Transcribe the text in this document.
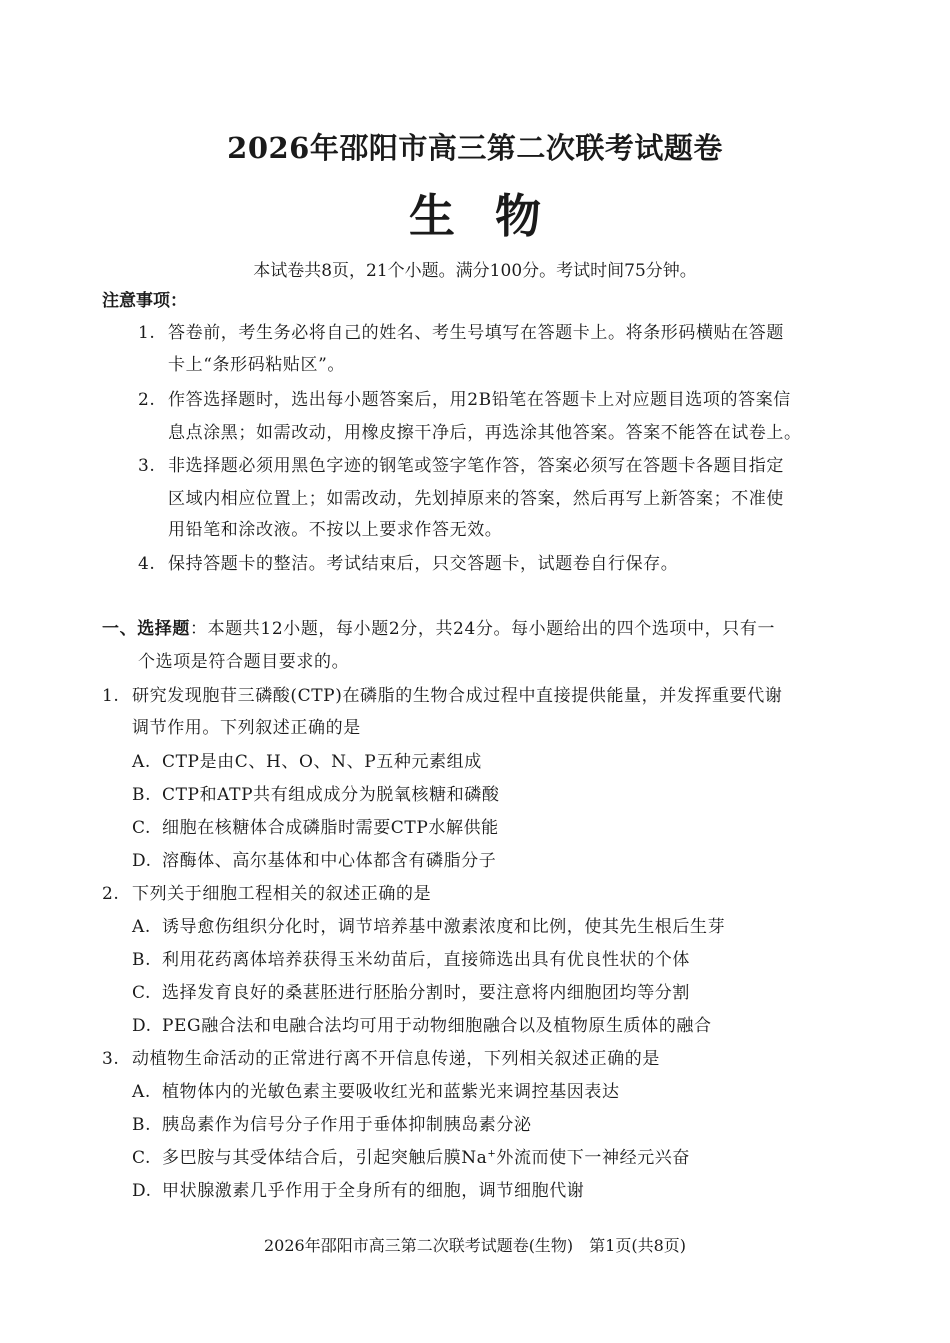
2026年邵阳市高三第二次联考试题卷
生物
本试卷共8页，21个小题。满分100分。考试时间75分钟。
注意事项：
1. 答卷前，考生务必将自己的姓名、考生号填写在答题卡上。将条形码横贴在答题
卡上“条形码粘贴区”。
2. 作答选择题时，选出每小题答案后，用2B铅笔在答题卡上对应题目选项的答案信
息点涂黑；如需改动，用橡皮擦干净后，再选涂其他答案。答案不能答在试卷上。
3. 非选择题必须用黑色字迹的钢笔或签字笔作答，答案必须写在答题卡各题目指定
区域内相应位置上；如需改动，先划掉原来的答案，然后再写上新答案；不准使
用铅笔和涂改液。不按以上要求作答无效。
4. 保持答题卡的整洁。考试结束后，只交答题卡，试题卷自行保存。
一、选择题：本题共12小题，每小题2分，共24分。每小题给出的四个选项中，只有一
个选项是符合题目要求的。
1. 研究发现胞苷三磷酸(CTP)在磷脂的生物合成过程中直接提供能量，并发挥重要代谢
调节作用。下列叙述正确的是
A. CTP是由C、H、O、N、P五种元素组成
B. CTP和ATP共有组成成分为脱氧核糖和磷酸
C. 细胞在核糖体合成磷脂时需要CTP水解供能
D. 溶酶体、高尔基体和中心体都含有磷脂分子
2. 下列关于细胞工程相关的叙述正确的是
A. 诱导愈伤组织分化时，调节培养基中激素浓度和比例，使其先生根后生芽
B. 利用花药离体培养获得玉米幼苗后，直接筛选出具有优良性状的个体
C. 选择发育良好的桑葚胚进行胚胎分割时，要注意将内细胞团均等分割
D. PEG融合法和电融合法均可用于动物细胞融合以及植物原生质体的融合
3. 动植物生命活动的正常进行离不开信息传递，下列相关叙述正确的是
A. 植物体内的光敏色素主要吸收红光和蓝紫光来调控基因表达
B. 胰岛素作为信号分子作用于垂体抑制胰岛素分泌
C. 多巴胺与其受体结合后，引起突触后膜Na+外流而使下一神经元兴奋
D. 甲状腺激素几乎作用于全身所有的细胞，调节细胞代谢
2026年邵阳市高三第二次联考试题卷(生物)　第1页(共8页)
